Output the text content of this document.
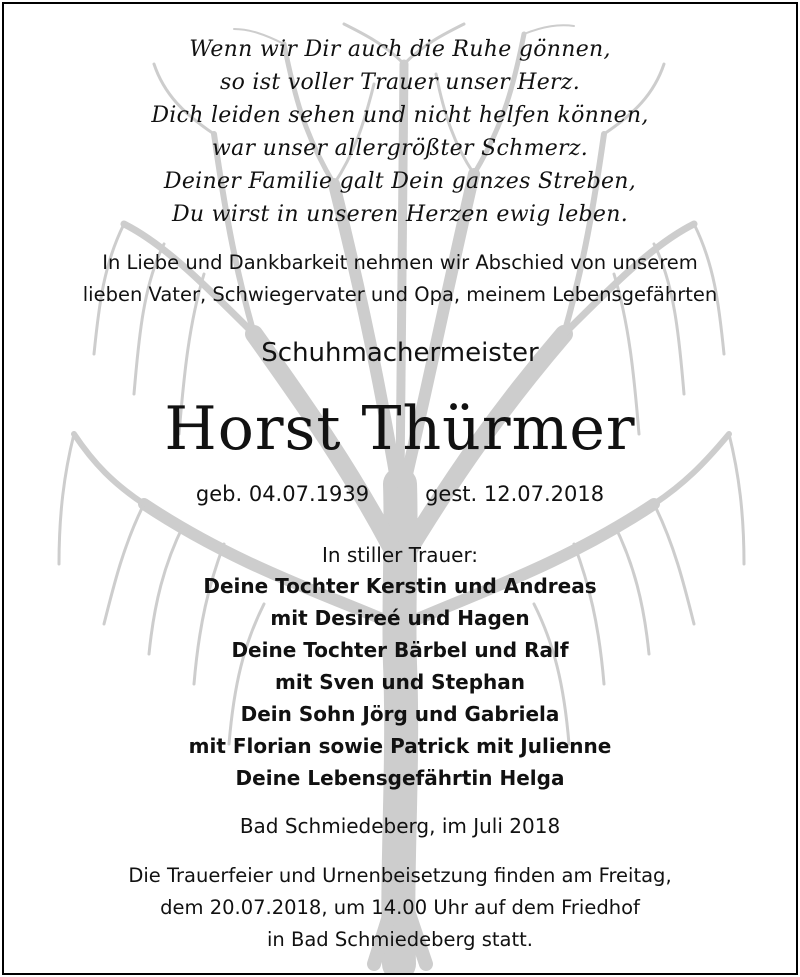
Wenn wir Dir auch die Ruhe gönnen,
so ist voller Trauer unser Herz.
Dich leiden sehen und nicht helfen können,
war unser allergrößter Schmerz.
Deiner Familie galt Dein ganzes Streben,
Du wirst in unseren Herzen ewig leben.
In Liebe und Dankbarkeit nehmen wir Abschied von unserem
lieben Vater, Schwiegervater und Opa, meinem Lebensgefährten
Schuhmachermeister
Horst Thürmer
geb. 04.07.1939	gest. 12.07.2018
In stiller Trauer:
Deine Tochter Kerstin und Andreas
mit Desireé und Hagen
Deine Tochter Bärbel und Ralf
mit Sven und Stephan
Dein Sohn Jörg und Gabriela
mit Florian sowie Patrick mit Julienne
Deine Lebensgefährtin Helga
Bad Schmiedeberg, im Juli 2018
Die Trauerfeier und Urnenbeisetzung finden am Freitag,
dem 20.07.2018, um 14.00 Uhr auf dem Friedhof
in Bad Schmiedeberg statt.
